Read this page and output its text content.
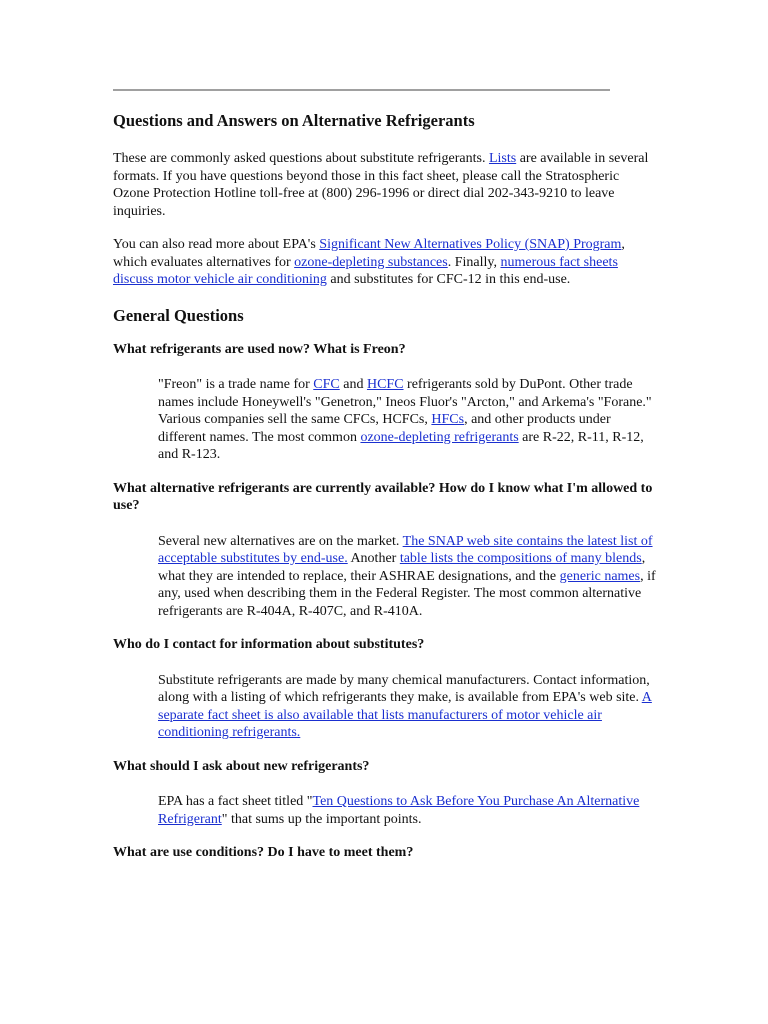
Questions and Answers on Alternative Refrigerants

These are commonly asked questions about substitute refrigerants. Lists are available in several formats. If you have questions beyond those in this fact sheet, please call the Stratospheric Ozone Protection Hotline toll-free at (800) 296-1996 or direct dial 202-343-9210 to leave inquiries.

You can also read more about EPA's Significant New Alternatives Policy (SNAP) Program, which evaluates alternatives for ozone-depleting substances. Finally, numerous fact sheets discuss motor vehicle air conditioning and substitutes for CFC-12 in this end-use.

General Questions

What refrigerants are used now? What is Freon?

"Freon" is a trade name for CFC and HCFC refrigerants sold by DuPont. Other trade names include Honeywell's "Genetron," Ineos Fluor's "Arcton," and Arkema's "Forane." Various companies sell the same CFCs, HCFCs, HFCs, and other products under different names. The most common ozone-depleting refrigerants are R-22, R-11, R-12, and R-123.

What alternative refrigerants are currently available? How do I know what I'm allowed to use?

Several new alternatives are on the market. The SNAP web site contains the latest list of acceptable substitutes by end-use. Another table lists the compositions of many blends, what they are intended to replace, their ASHRAE designations, and the generic names, if any, used when describing them in the Federal Register. The most common alternative refrigerants are R-404A, R-407C, and R-410A.

Who do I contact for information about substitutes?

Substitute refrigerants are made by many chemical manufacturers. Contact information, along with a listing of which refrigerants they make, is available from EPA's web site. A separate fact sheet is also available that lists manufacturers of motor vehicle air conditioning refrigerants.

What should I ask about new refrigerants?

EPA has a fact sheet titled "Ten Questions to Ask Before You Purchase An Alternative Refrigerant" that sums up the important points.

What are use conditions? Do I have to meet them?
